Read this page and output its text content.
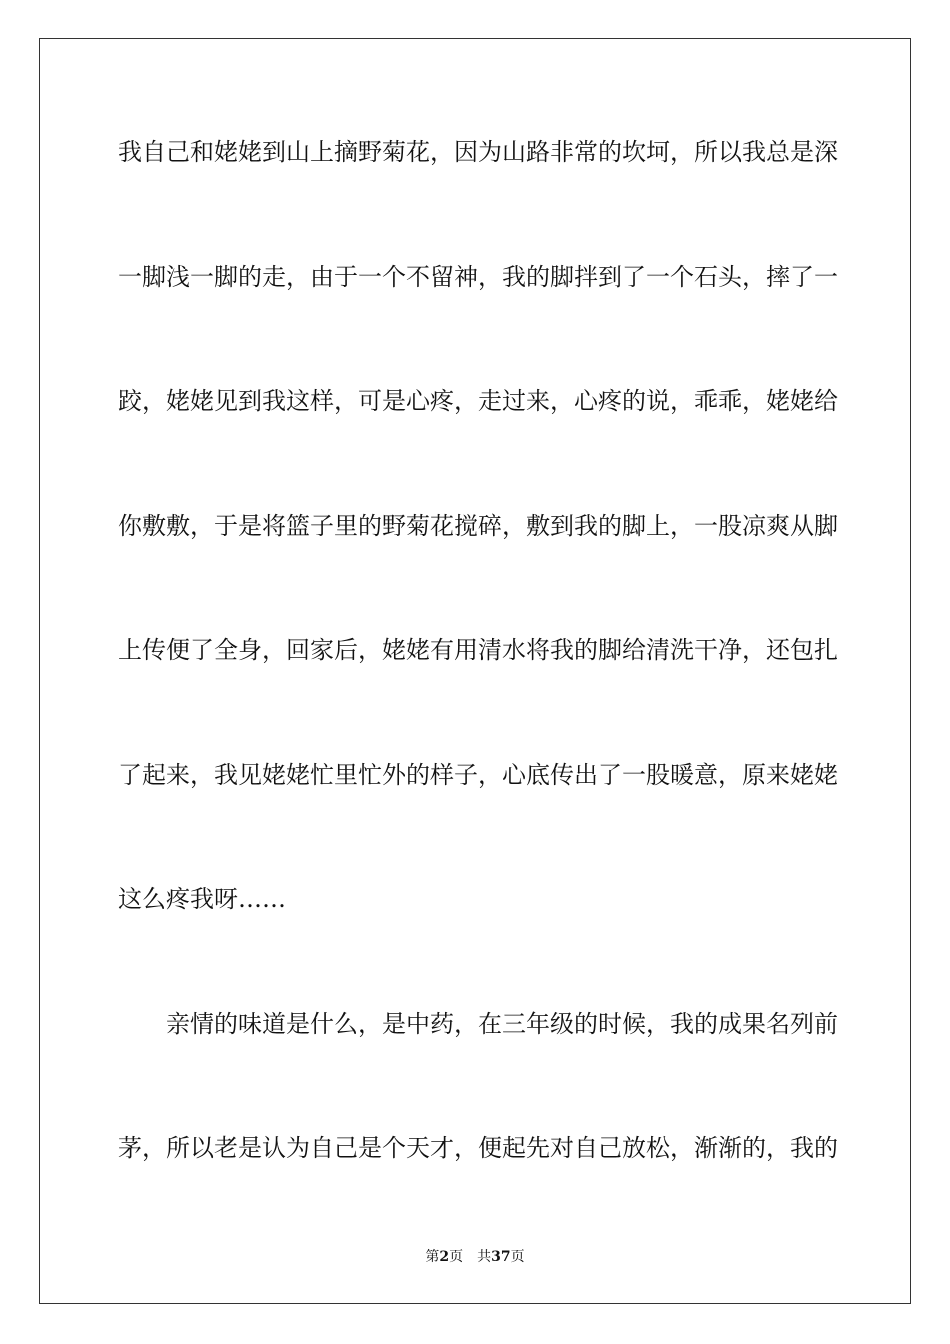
我自己和姥姥到山上摘野菊花，因为山路非常的坎坷，所以我总是深

一脚浅一脚的走，由于一个不留神，我的脚拌到了一个石头，摔了一

跤，姥姥见到我这样，可是心疼，走过来，心疼的说，乖乖，姥姥给

你敷敷，于是将篮子里的野菊花搅碎，敷到我的脚上，一股凉爽从脚

上传便了全身，回家后，姥姥有用清水将我的脚给清洗干净，还包扎

了起来，我见姥姥忙里忙外的样子，心底传出了一股暖意，原来姥姥

这么疼我呀……

亲情的味道是什么，是中药，在三年级的时候，我的成果名列前

茅，所以老是认为自己是个天才，便起先对自己放松，渐渐的，我的

第2页 共37页
